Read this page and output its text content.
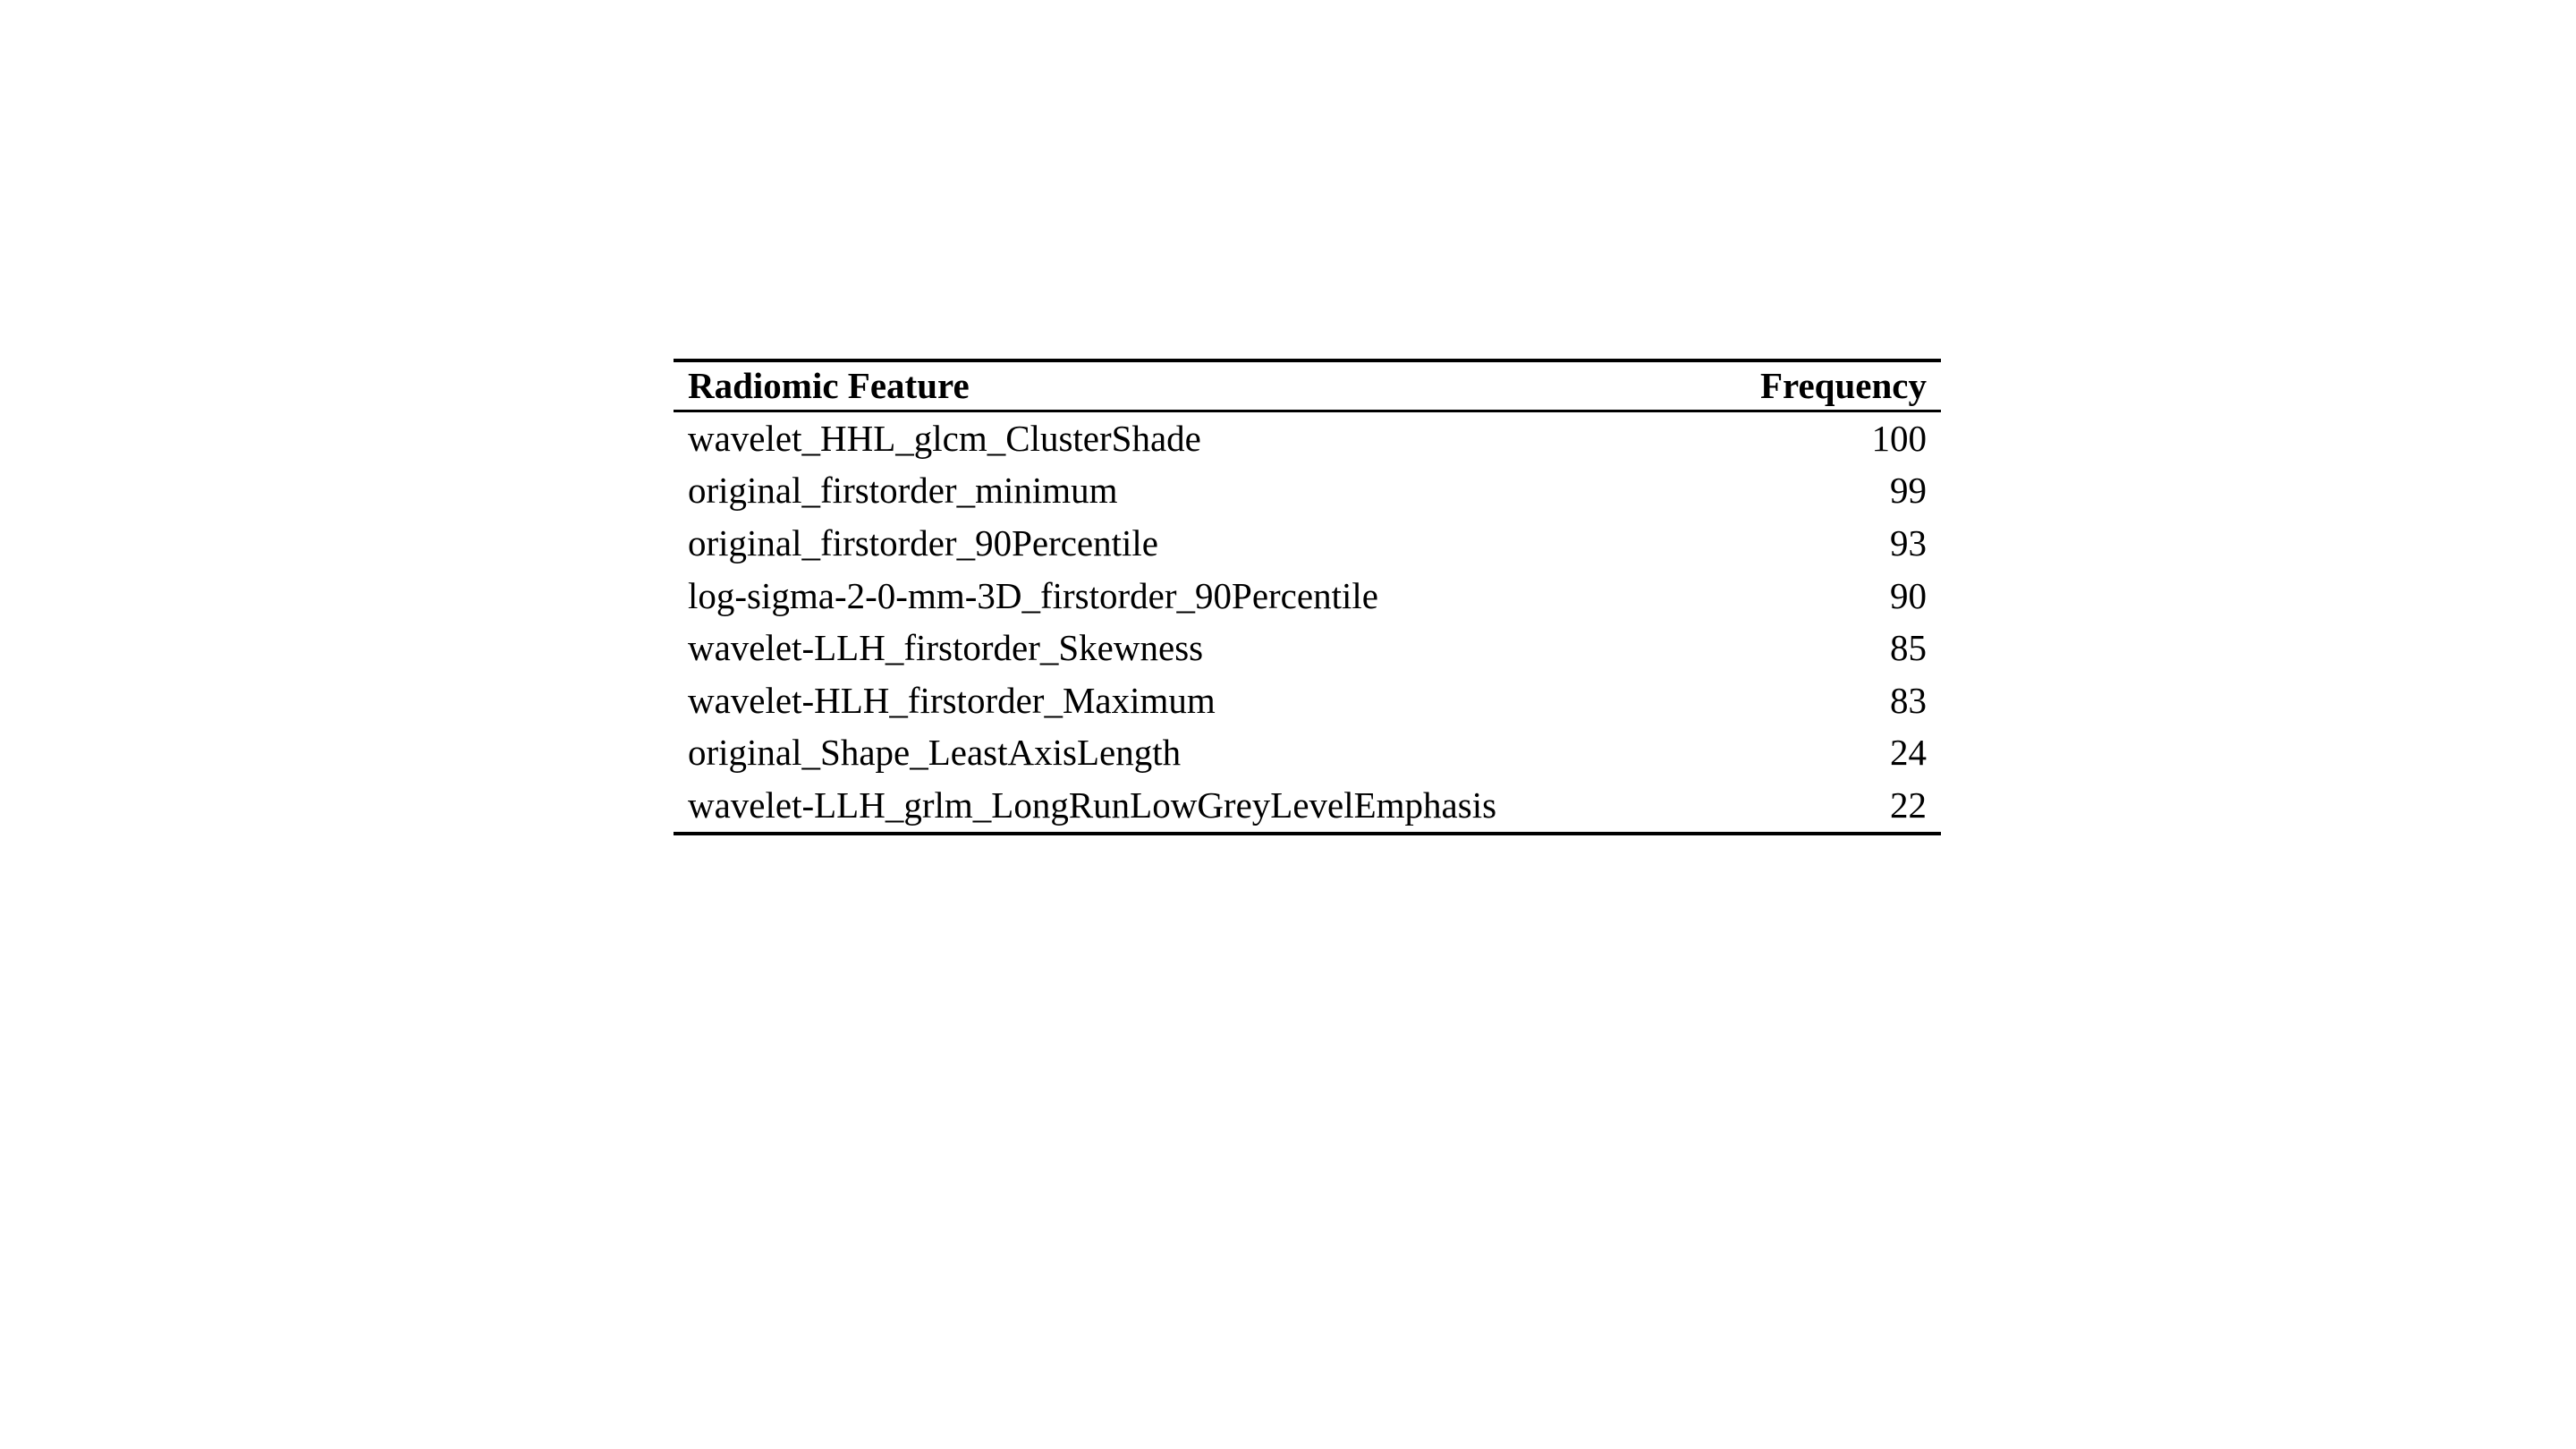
Radiomic Feature	Frequency
wavelet_HHL_glcm_ClusterShade	100
original_firstorder_minimum	99
original_firstorder_90Percentile	93
log-sigma-2-0-mm-3D_firstorder_90Percentile	90
wavelet-LLH_firstorder_Skewness	85
wavelet-HLH_firstorder_Maximum	83
original_Shape_LeastAxisLength	24
wavelet-LLH_grlm_LongRunLowGreyLevelEmphasis	22
